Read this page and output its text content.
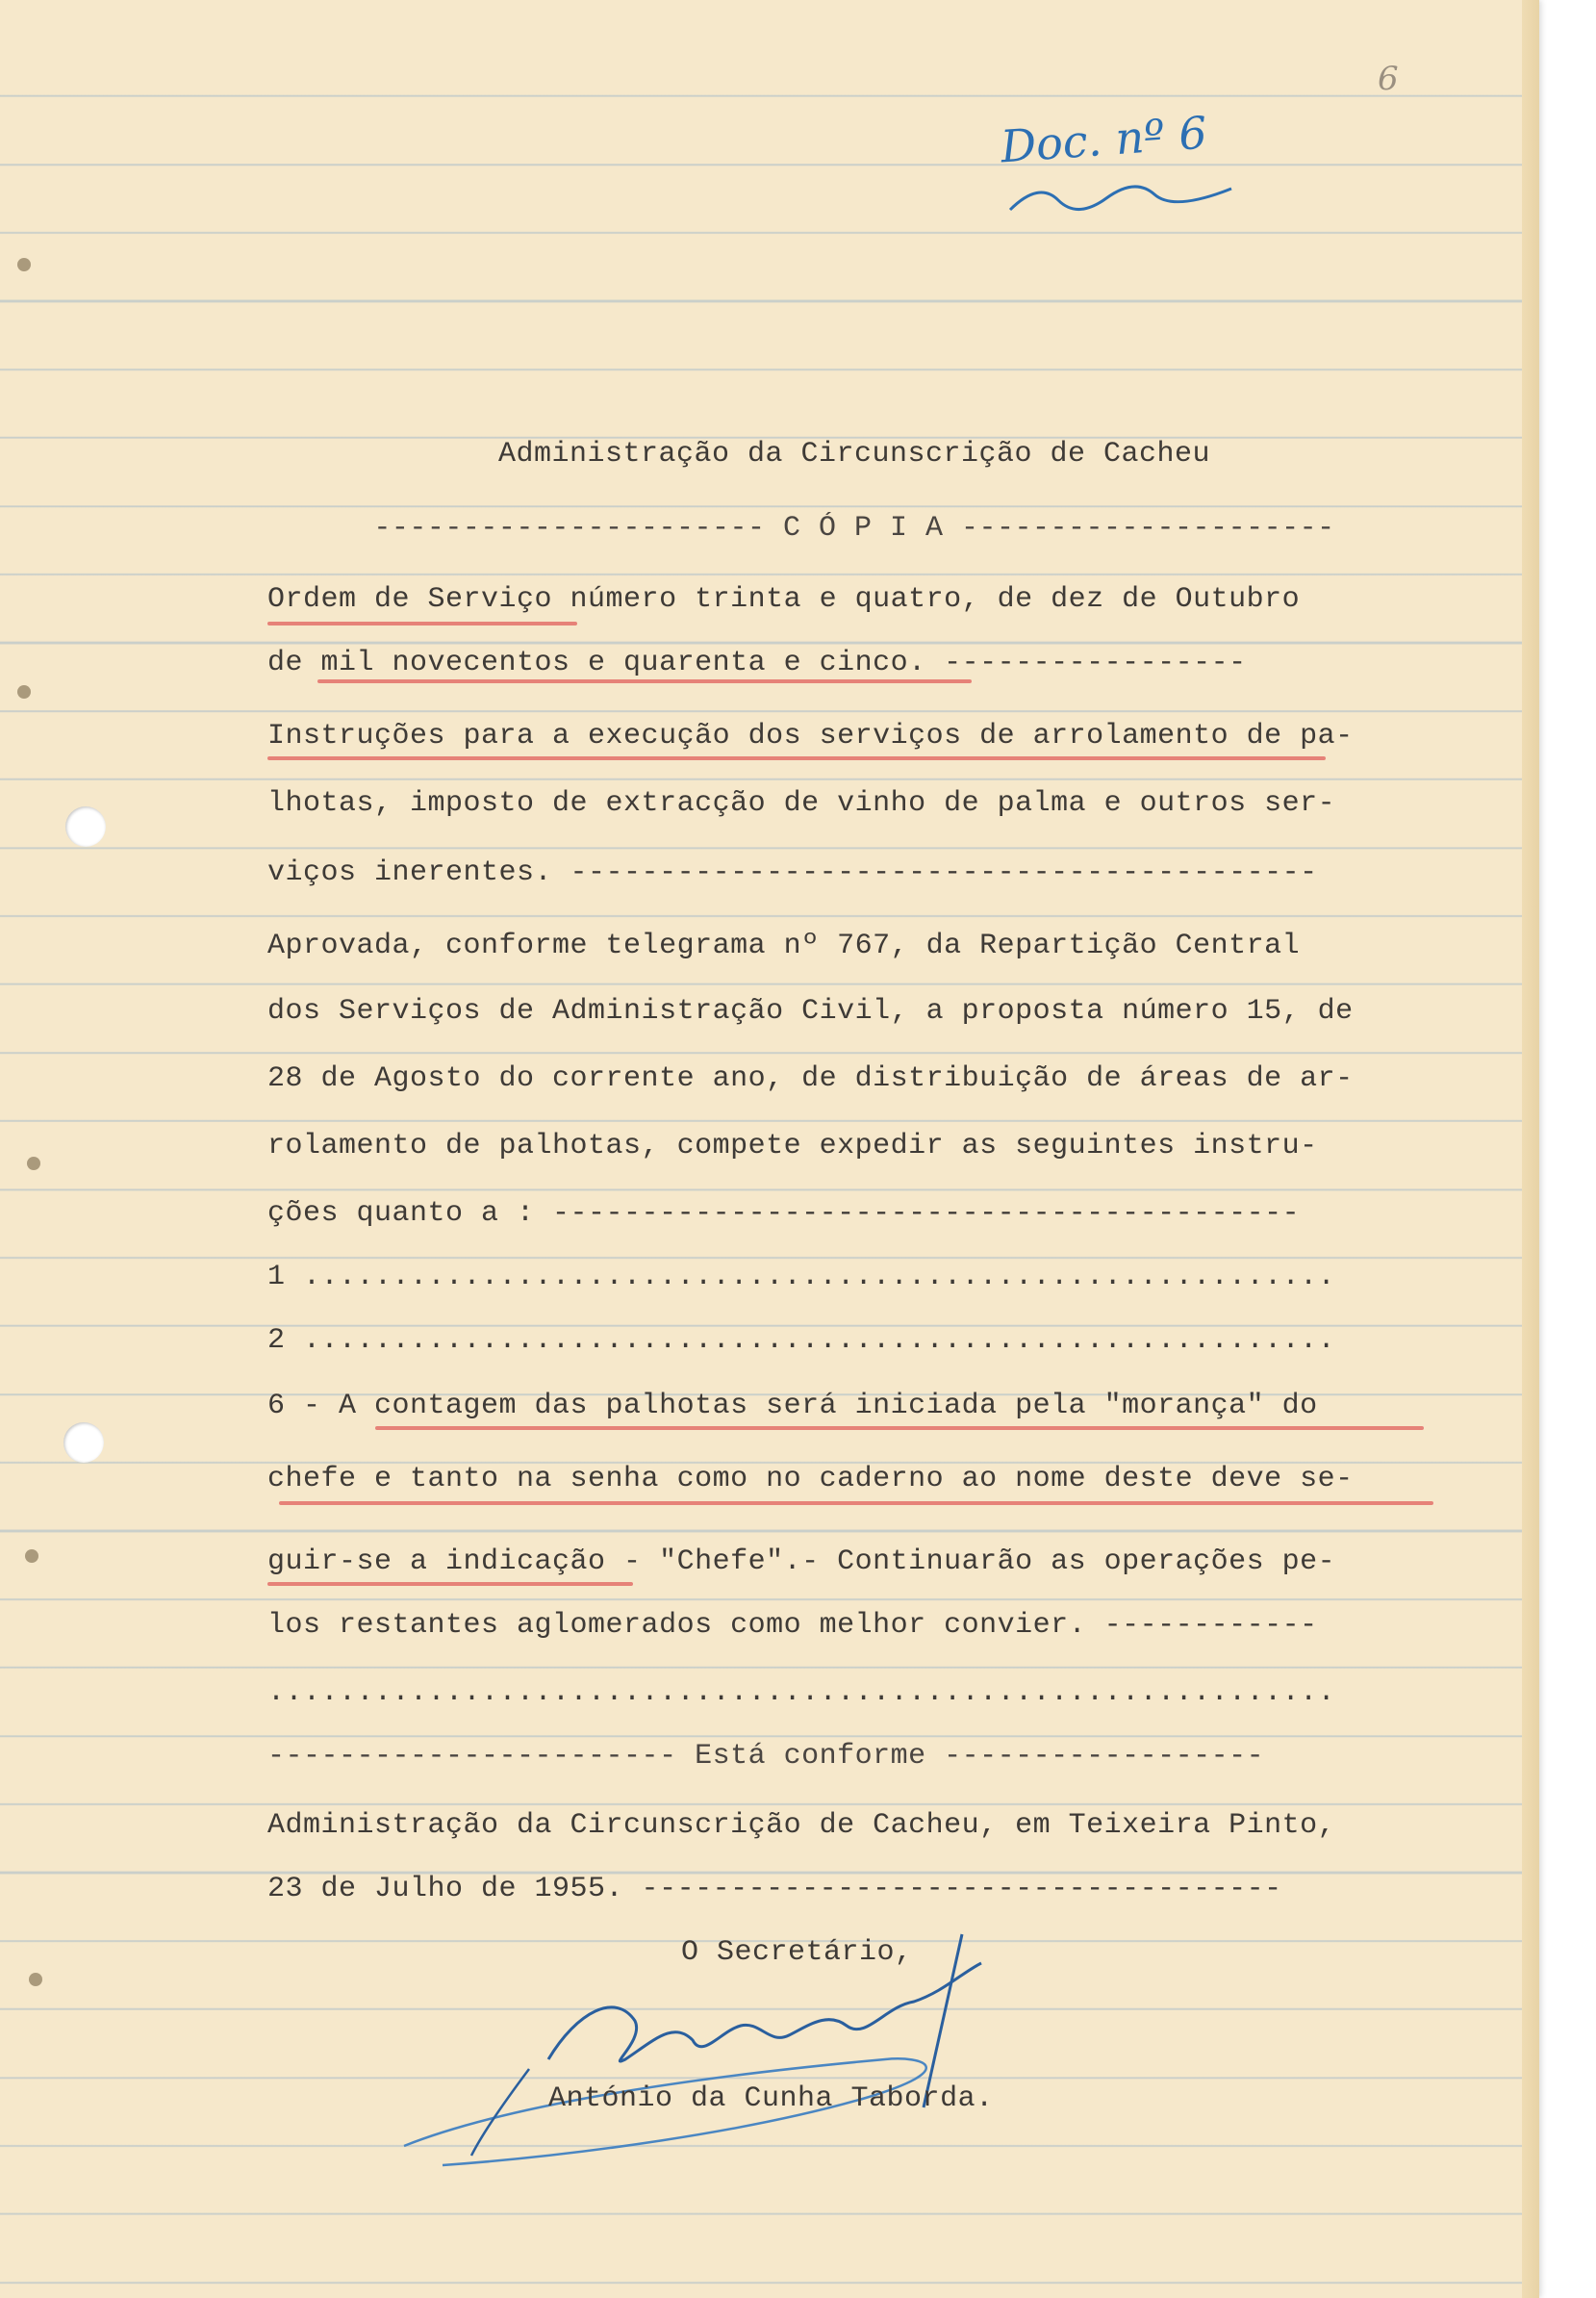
Doc. nº 6
6
Administração da Circunscrição de Cacheu
---------------------- C Ó P I A ---------------------
Ordem de Serviço número trinta e quatro, de dez de Outubro
de mil novecentos e quarenta e cinco. -----------------
Instruções para a execução dos serviços de arrolamento de pa-
lhotas, imposto de extracção de vinho de palma e outros ser-
viços inerentes. ------------------------------------------
Aprovada, conforme telegrama nº 767, da Repartição Central
dos Serviços de Administração Civil, a proposta número 15, de
28 de Agosto do corrente ano, de distribuição de áreas de ar-
rolamento de palhotas, compete expedir as seguintes instru-
ções quanto a : ------------------------------------------
1 ..........................................................
2 ..........................................................
6 - A contagem das palhotas será iniciada pela "morança" do
chefe e tanto na senha como no caderno ao nome deste deve se-
guir-se a indicação - "Chefe".- Continuarão as operações pe-
los restantes aglomerados como melhor convier. ------------
............................................................
----------------------- Está conforme ------------------
Administração da Circunscrição de Cacheu, em Teixeira Pinto,
23 de Julho de 1955. ------------------------------------
O Secretário,
António da Cunha Taborda.
